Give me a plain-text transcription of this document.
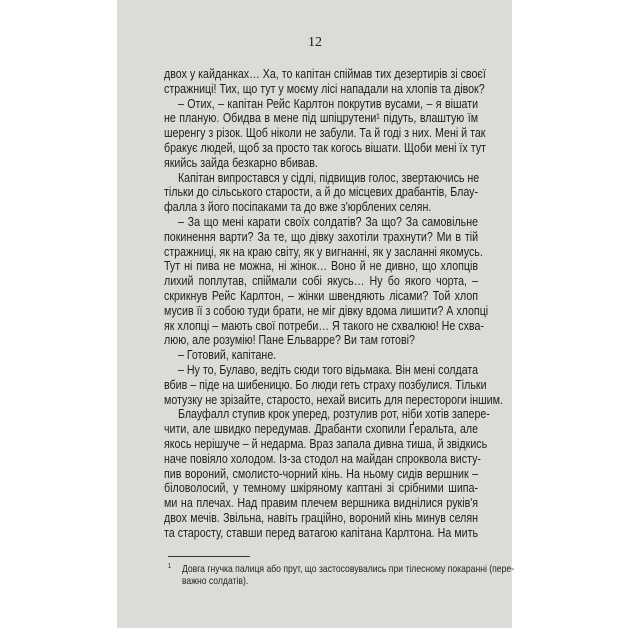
12
двох у кайданках… Ха, то капітан спіймав тих дезертирів зі своєї
стражниці! Тих, що тут у моєму лісі нападали на хлопів та дівок?
– Отих, – капітан Рейс Карлтон покрутив вусами, – я вішати
не планую. Обидва в мене під шпіцрутени¹ підуть, влаштую їм
шеренгу з різок. Щоб ніколи не забули. Та й годі з них. Мені й так
бракує людей, щоб за просто так когось вішати. Щоби мені їх тут
якийсь зайда безкарно вбивав.
Капітан випростався у сідлі, підвищив голос, звертаючись не
тільки до сільського старости, а й до місцевих драбантів, Блау-
фалла з його посіпаками та до вже з'юрблених селян.
– За що мені карати своїх солдатів? За що? За самовільне
покинення варти? За те, що дівку захотіли трахнути? Ми в тій
стражниці, як на краю світу, як у вигнанні, як у засланні якомусь.
Тут ні пива не можна, ні жінок… Воно й не дивно, що хлопців
лихий поплутав, спіймали собі якусь… Ну бо якого чорта, –
скрикнув Рейс Карлтон, – жінки швендяють лісами? Той хлоп
мусив її з собою туди брати, не міг дівку вдома лишити? А хлопці
як хлопці – мають свої потреби… Я такого не схвалюю! Не схва-
люю, але розумію! Пане Ельварре? Ви там готові?
– Готовий, капітане.
– Ну то, Булаво, ведіть сюди того відьмака. Він мені солдата
вбив – піде на шибеницю. Бо люди геть страху позбулися. Тільки
мотузку не зрізайте, старосто, нехай висить для перестороги іншим.
Блауфалл ступив крок уперед, розтулив рот, ніби хотів запере-
чити, але швидко передумав. Драбанти схопили Ґеральта, але
якось нерішуче – й недарма. Враз запала дивна тиша, й звідкись
наче повіяло холодом. Із-за стодол на майдан спроквола висту-
пив вороний, смолисто-чорний кінь. На ньому сидів вершник –
біловолосий, у темному шкіряному каптані зі срібними шипа-
ми на плечах. Над правим плечем вершника виднілися руків'я
двох мечів. Звільна, навіть граційно, вороний кінь минув селян
та старосту, ставши перед ватагою капітана Карлтона. На мить
1	Довга гнучка палиця або прут, що застосовувались при тілесному покаранні (пере-
важно солдатів).
